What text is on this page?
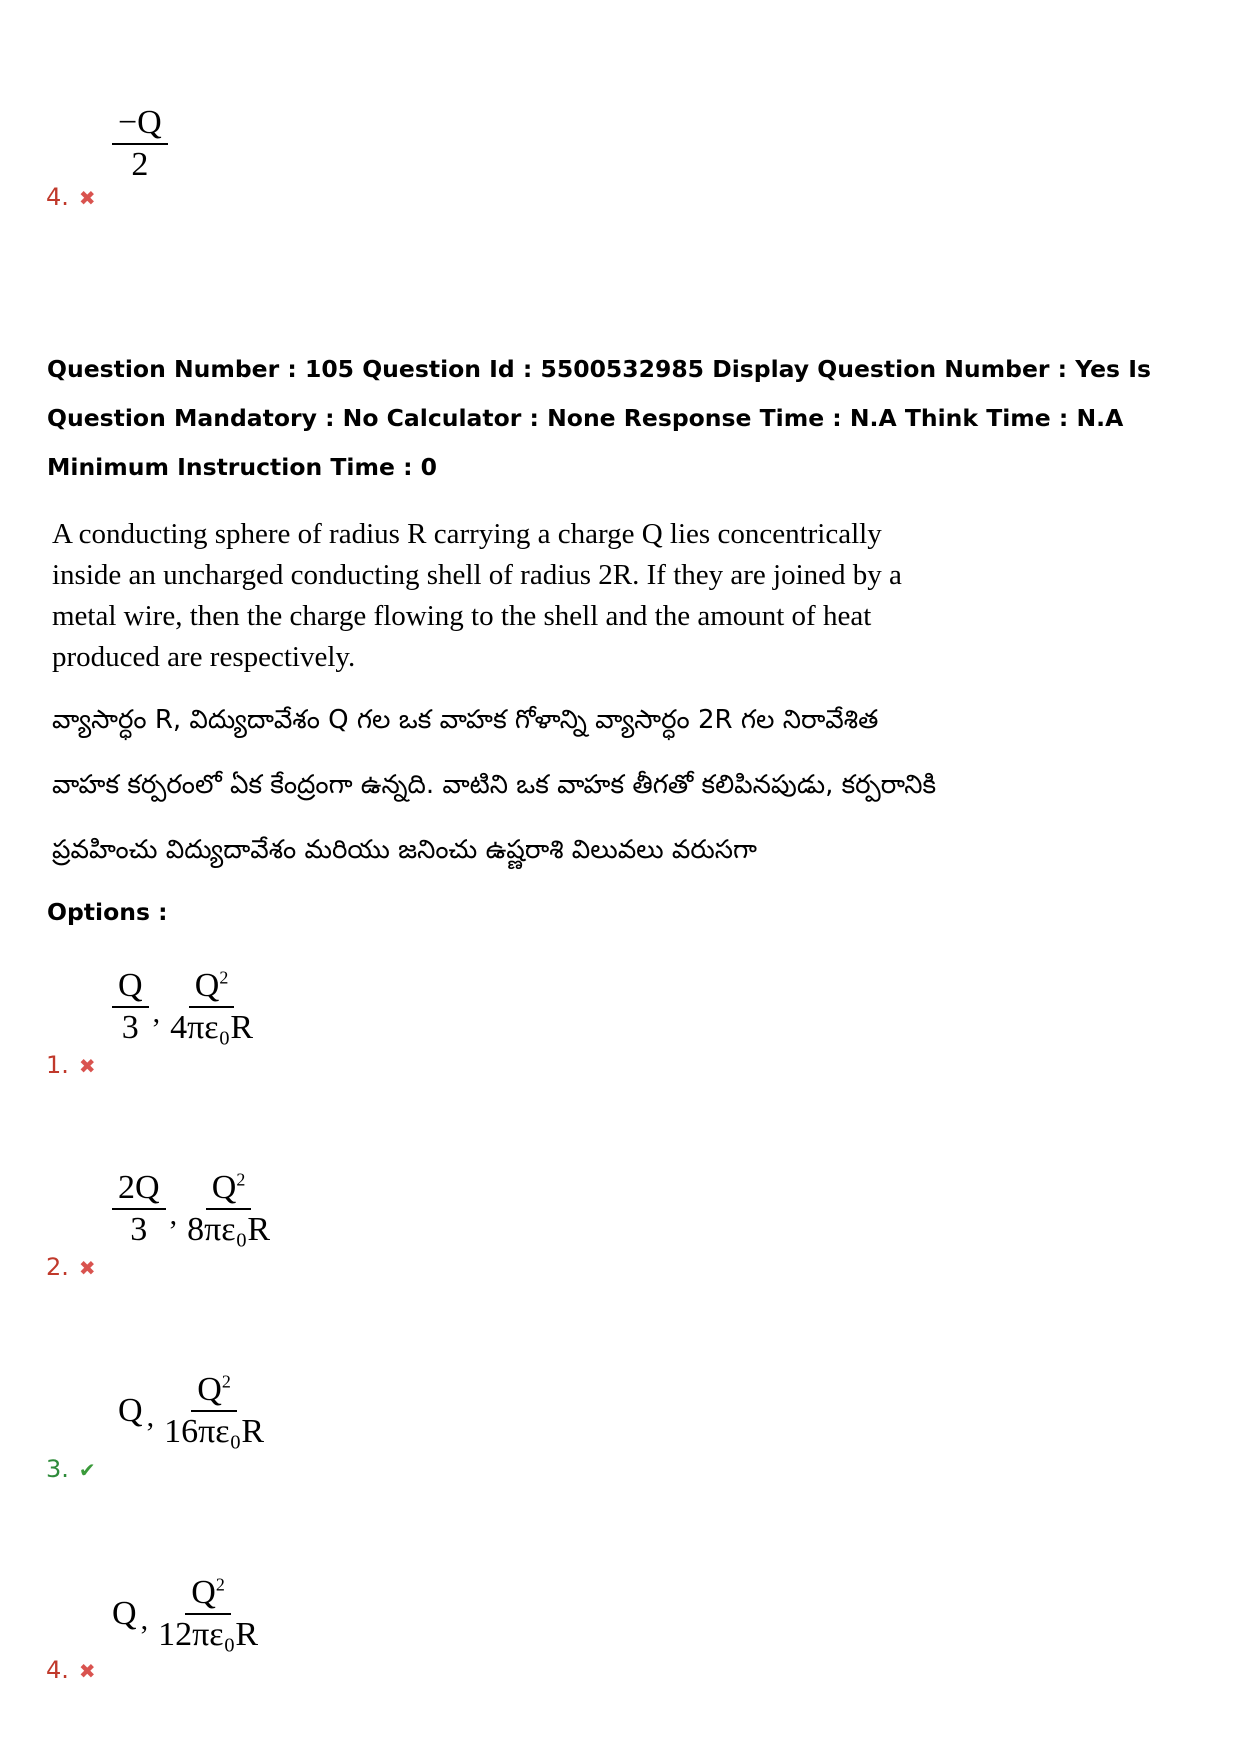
$\frac{-Q}{2}$
4. ✖
Question Number : 105 Question Id : 5500532985 Display Question Number : Yes Is Question Mandatory : No Calculator : None Response Time : N.A Think Time : N.A Minimum Instruction Time : 0
A conducting sphere of radius R carrying a charge Q lies concentrically inside an uncharged conducting shell of radius 2R. If they are joined by a metal wire, then the charge flowing to the shell and the amount of heat produced are respectively.
వ్యాసార్ధం R, విద్యుదావేశం Q గల ఒక వాహక గోళాన్ని వ్యాసార్ధం 2R గల నిరావేశిత వాహక కర్పరంలో ఏక కేంద్రంగా ఉన్నది. వాటిని ఒక వాహక తీగతో కలిపినపుడు, కర్పరానికి ప్రవహించు విద్యుదావేశం మరియు జనించు ఉష్ణరాశి విలువలు వరుసగా
Options :
$\frac{Q}{3}$ , $\frac{Q^2}{\text{4πε₀R}}$
1. ✖
$\frac{2Q}{3}$ , $\frac{Q^2}{\text{8πε₀R}}$
2. ✖
Q , $\frac{Q^2}{\text{16πε₀R}}$
3. ✔
Q , $\frac{Q^2}{\text{12πε₀R}}$
4. ✖
